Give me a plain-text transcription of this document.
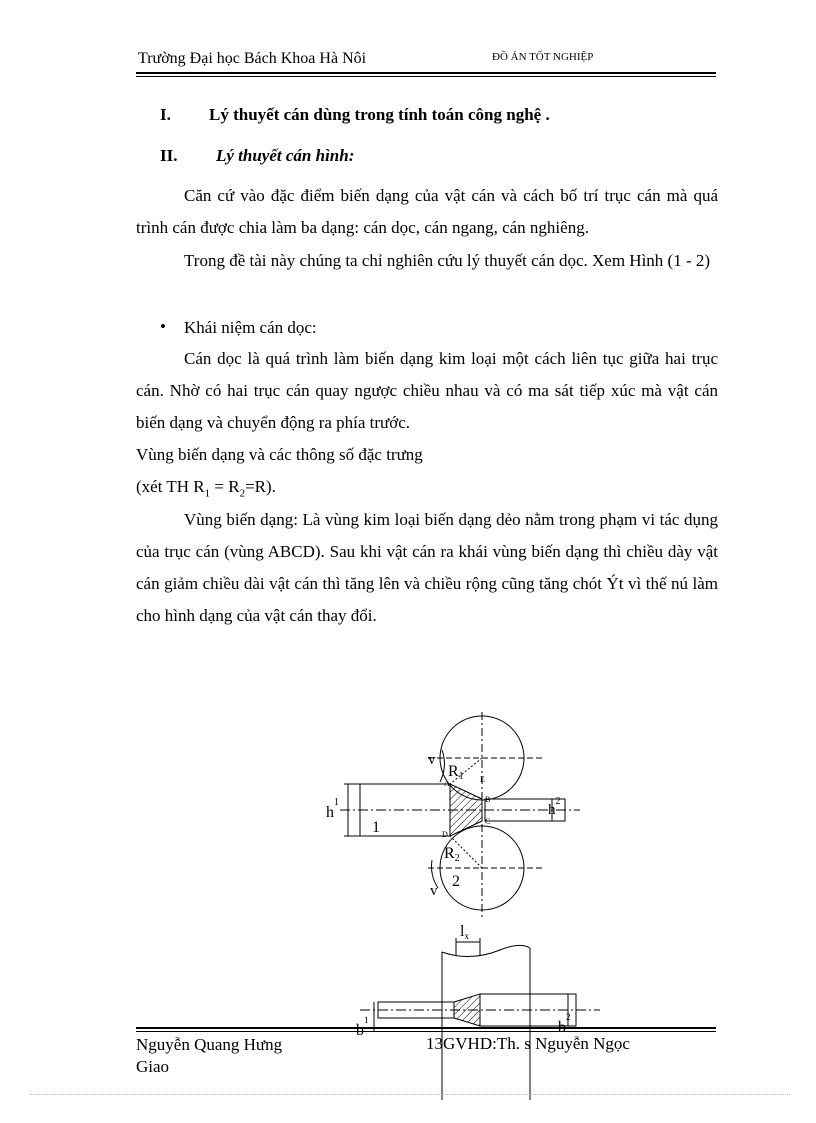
Trường Đại học Bách Khoa Hà Nôi	ĐỒ ÁN TỐT NGHIỆP
I. Lý thuyết cán dùng trong tính toán công nghệ .
II. Lý thuyết cán hình:

Căn cứ vào đặc điểm biến dạng của vật cán và cách bố trí trục cán mà quá trình cán được chia làm ba dạng: cán dọc, cán ngang, cán nghiêng.

Trong đề tài này chúng ta chỉ nghiên cứu lý thuyết cán dọc. Xem Hình (1 - 2)

• Khái niệm cán dọc:

Cán dọc là quá trình làm biến dạng kim loại một cách liên tục giữa hai trục cán. Nhờ có hai trục cán quay ngược chiều nhau và có ma sát tiếp xúc mà vật cán biến dạng và chuyển động ra phía trước.

Vùng biến dạng và các thông số đặc trưng

(xét TH $R_1 = R_2=R$).

Vùng biến dạng: Là vùng kim loại biến dạng dẻo nằm trong phạm vi tác dụng của trục cán (vùng ABCD). Sau khi vật cán ra khái vùng biến dạng thì chiều dày vật cán giảm chiều dài vật cán thì tăng lên và chiều rộng cũng tăng chót Ýt vì thế nú làm cho hình dạng của vật cán thay đổi.

v
R1
$h^1$
1
$h^2$
A
B
C
D
E
R2
2
v
lx
$b^1$	$b^2$
Nguyễn Quang Hưng Giao
13GVHD:Th. s Nguyễn Ngọc
